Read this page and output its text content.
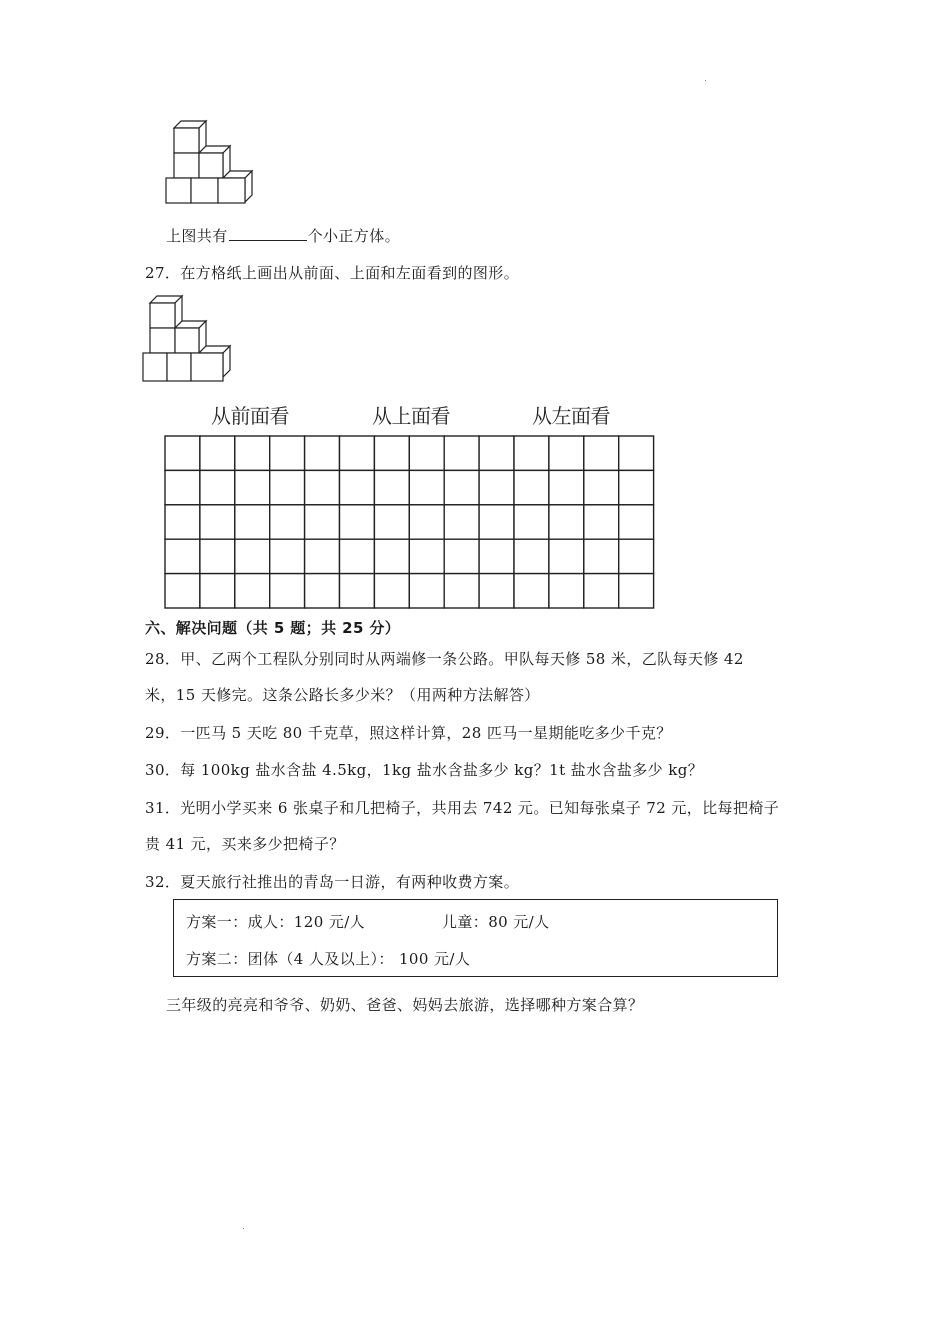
上图共有	个小正方体。
27．在方格纸上画出从前面、上面和左面看到的图形。
从前面看	从上面看	从左面看
六、解决问题（共 5 题；共 25 分）
28．甲、乙两个工程队分别同时从两端修一条公路。甲队每天修 58 米，乙队每天修 42
米，15 天修完。这条公路长多少米？（用两种方法解答）
29．一匹马 5 天吃 80 千克草，照这样计算，28 匹马一星期能吃多少千克？
30．每 100kg 盐水含盐 4.5kg，1kg 盐水含盐多少 kg？1t 盐水含盐多少 kg？
31．光明小学买来 6 张桌子和几把椅子，共用去 742 元。已知每张桌子 72 元，比每把椅子
贵 41 元，买来多少把椅子？
32．夏天旅行社推出的青岛一日游，有两种收费方案。
方案一：成人：120 元/人	儿童：80 元/人
方案二：团体（4 人及以上）： 100 元/人
三年级的亮亮和爷爷、奶奶、爸爸、妈妈去旅游，选择哪种方案合算？
